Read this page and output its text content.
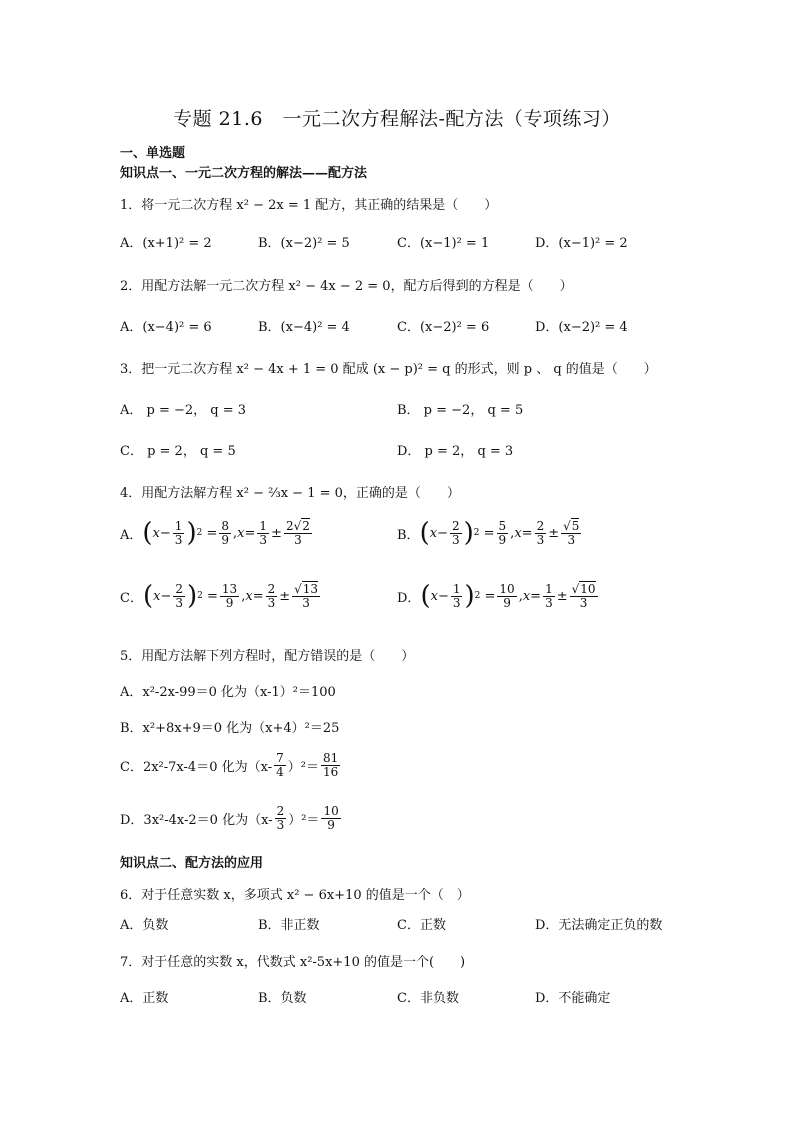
专题 21.6　一元二次方程解法-配方法（专项练习）
一、单选题
知识点一、一元二次方程的解法——配方法
1．将一元二次方程 x² − 2x = 1 配方，其正确的结果是（　　）
A．(x+1)² = 2	B．(x−2)² = 5	C．(x−1)² = 1	D．(x−1)² = 2
2．用配方法解一元二次方程 x² − 4x − 2 = 0，配方后得到的方程是（　　）
A．(x−4)² = 6	B．(x−4)² = 4	C．(x−2)² = 6	D．(x−2)² = 4
3．把一元二次方程 x² − 4x + 1 = 0 配成 (x − p)² = q 的形式，则 p 、 q 的值是（　　）
A． p = −2， q = 3	B． p = −2， q = 5
C． p = 2， q = 5	D． p = 2， q = 3
4．用配方法解方程 x² − ⅔x − 1 = 0，正确的是（　　）
A． ( $x - \frac{1}{3}$ ) $2 = \frac{8}{9}$ , $x = \frac{1}{3} \pm \frac{2√2}{3}$	B． ( $x - \frac{2}{3}$ ) $2 = \frac{5}{9}$ , $x = \frac{2}{3} \pm \frac{√5}{3}$
C． ( $x - \frac{2}{3}$ ) $2 = \frac{13}{9}$ , $x = \frac{2}{3} \pm \frac{√13}{3}$	D． ( $x - \frac{1}{3}$ ) $2 = \frac{10}{9}$ , $x = \frac{1}{3} \pm \frac{√10}{3}$
5．用配方法解下列方程时，配方错误的是（　　）
A．x²-2x-99＝0 化为（x-1）²＝100
B．x²+8x+9＝0 化为（x+4）²＝25
C．2x²-7x-4＝0 化为$(x- \frac{7}{4} )^2= \frac{81}{16}$
D．3x²-4x-2＝0 化为$(x- \frac{2}{3} )^2= \frac{10}{9}$
知识点二、配方法的应用
6．对于任意实数 x，多项式 x² − 6x+10 的值是一个（　）
A．负数	B．非正数	C．正数	D．无法确定正负的数
7．对于任意的实数 x，代数式 x²-5x+10 的值是一个(　　)
A．正数	B．负数	C．非负数	D．不能确定
